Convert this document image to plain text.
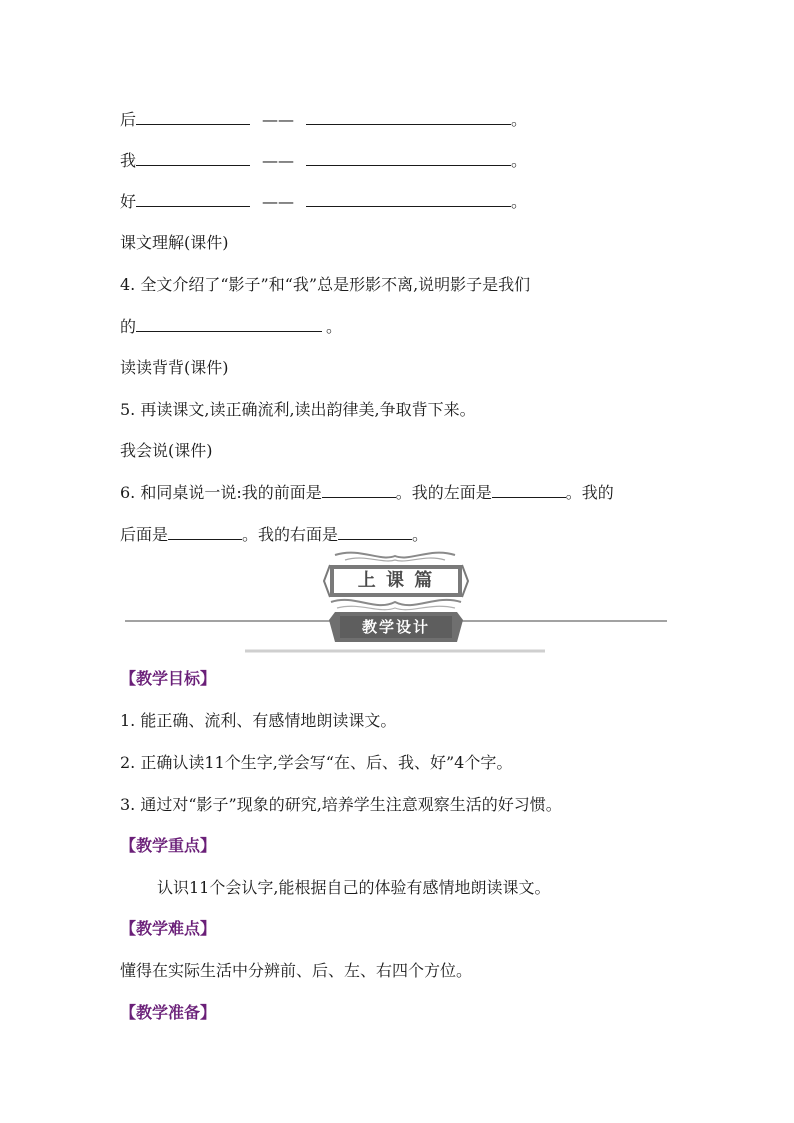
后	——	。
我	——	。
好	——	。
课文理解(课件)
4. 全文介绍了“影子”和“我”总是形影不离,说明影子是我们
的	。
读读背背(课件)
5. 再读课文,读正确流利,读出韵律美,争取背下来。
我会说(课件)
6. 和同桌说一说:我的前面是	。我的左面是	。我的
后面是	。我的右面是	。
上 课 篇
教学设计
【教学目标】
1. 能正确、流利、有感情地朗读课文。
2. 正确认读11个生字,学会写“在、后、我、好”4个字。
3. 通过对“影子”现象的研究,培养学生注意观察生活的好习惯。
【教学重点】
认识11个会认字,能根据自己的体验有感情地朗读课文。
【教学难点】
懂得在实际生活中分辨前、后、左、右四个方位。
【教学准备】
